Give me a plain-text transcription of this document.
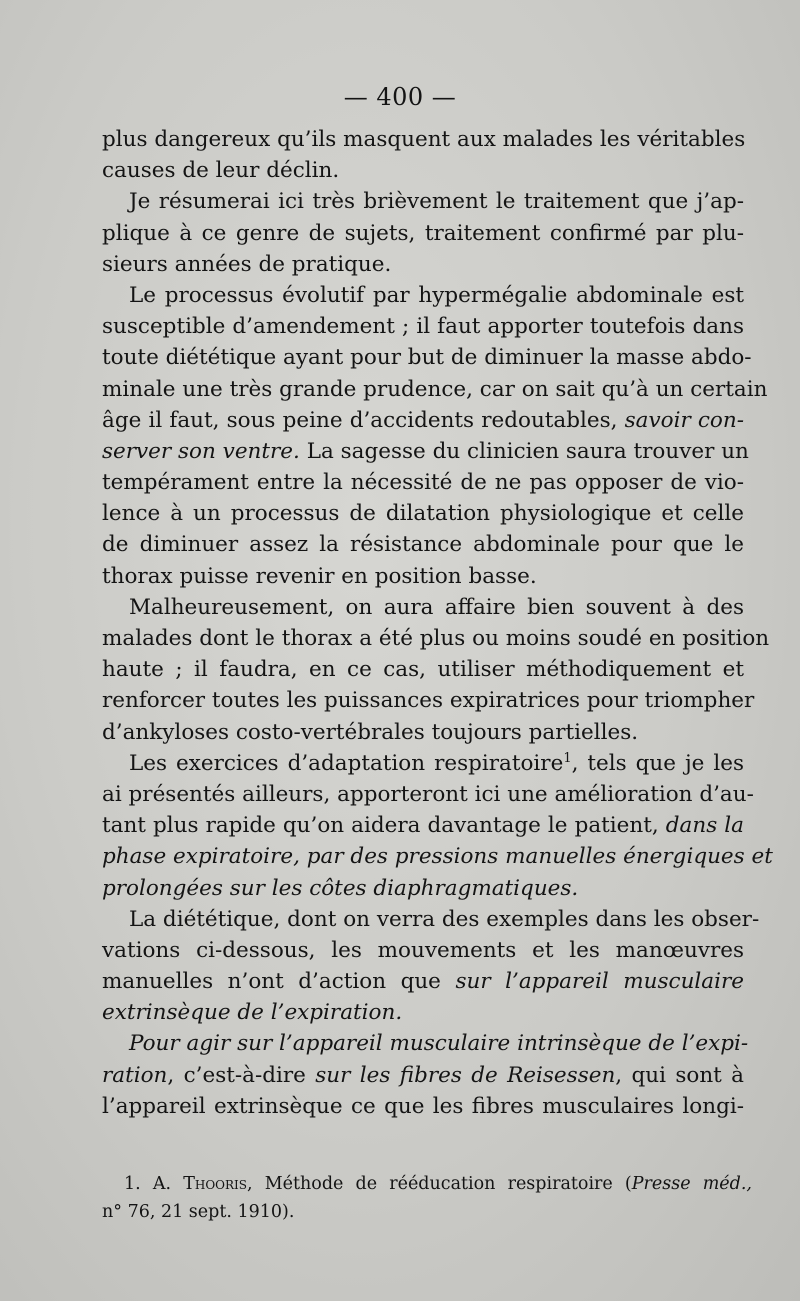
— 400 —
plus dangereux qu’ils masquent aux malades les véritables
causes de leur déclin.
Je résumerai ici très brièvement le traitement que j’ap-
plique à ce genre de sujets, traitement confirmé par plu-
sieurs années de pratique.
Le processus évolutif par hypermégalie abdominale est
susceptible d’amendement ; il faut apporter toutefois dans
toute diététique ayant pour but de diminuer la masse abdo-
minale une très grande prudence, car on sait qu’à un certain
âge il faut, sous peine d’accidents redoutables, savoir con-
server son ventre. La sagesse du clinicien saura trouver un
tempérament entre la nécessité de ne pas opposer de vio-
lence à un processus de dilatation physiologique et celle
de diminuer assez la résistance abdominale pour que le
thorax puisse revenir en position basse.
Malheureusement, on aura affaire bien souvent à des
malades dont le thorax a été plus ou moins soudé en position
haute ; il faudra, en ce cas, utiliser méthodiquement et
renforcer toutes les puissances expiratrices pour triompher
d’ankyloses costo-vertébrales toujours partielles.
Les exercices d’adaptation respiratoire$^1$, tels que je les
ai présentés ailleurs, apporteront ici une amélioration d’au-
tant plus rapide qu’on aidera davantage le patient, dans la
phase expiratoire, par des pressions manuelles énergiques et
prolongées sur les côtes diaphragmatiques.
La diététique, dont on verra des exemples dans les obser-
vations ci-dessous, les mouvements et les manœuvres
manuelles n’ont d’action que sur l’appareil musculaire
extrinsèque de l’expiration.
Pour agir sur l’appareil musculaire intrinsèque de l’expi-
ration, c’est-à-dire sur les fibres de Reisessen, qui sont à
l’appareil extrinsèque ce que les fibres musculaires longi-
1. A. Thooris, Méthode de rééducation respiratoire (Presse méd.,
n° 76, 21 sept. 1910).
